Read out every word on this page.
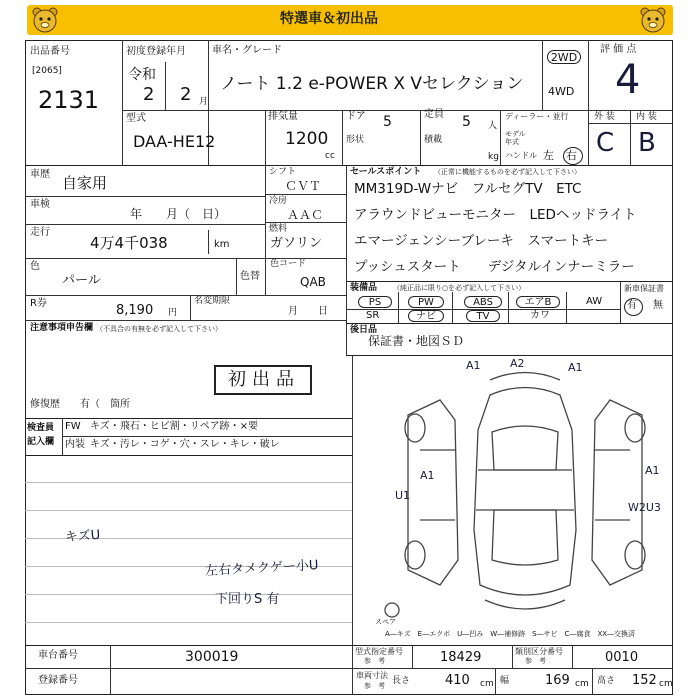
特選車＆初出品
出品番号
[2065]
2131
初度登録年月
令和
2 2 月
車名・グレード
ノート 1.2 e-POWER X Vセレクション
2WD
4WD
評 価 点
4
型式
DAA-HE12
排気量
1200
cc
ドア 5
形状
定員 5 人
積載
kg
ディーラー・並行
モデル年式
ハンドル 左 右
外 装 内 装
C B
車歴 自家用
車検
年　　月（　日）
走行
4万4千038	km
色
パール	色替
シフト
ＣＶＴ
冷房
ＡＡＣ
燃料
ガソリン
色コード
QAB
R券	8,190 円
名変期限
月　　日
注意事項申告欄 （不具合の有無を必ず記入して下さい）
初出品
修復歴 有（　箇所
セールスポイント （正常に機能するものを必ず記入して下さい）
MM319D-Wナビ　フルセグTV　ETC
アラウンドビューモニター　LEDヘッドライト
エマージェンシーブレーキ　スマートキー
プッシュスタート　　デジタルインナーミラー
装備品 （純正品に限り○を必ず記入して下さい）	新車保証書
有 無
PS	PW	ABS	エアB	AW
SR	ナビ	TV	カワ
後日品
保証書・地図ＳＤ
検査員
記入欄
FW キズ・飛石・ヒビ割・リペア跡・×要
内装 キズ・汚レ・コゲ・穴・スレ・キレ・破レ
キズU
左右タメクゲー小U
下回りS 有
スペア
A1	A2	A1
A1
U1
A1
W2U3
A―キズ　E―エクボ　U―凹み　W―補修跡　S―サビ　C―腐食　XX―交換済
車台番号	300019
登録番号
型式指定番号
参　考	18429	類別区分番号
参　考	0010
車両寸法
参　考 長さ	410 cm 幅	169 cm 高さ 152 cm
